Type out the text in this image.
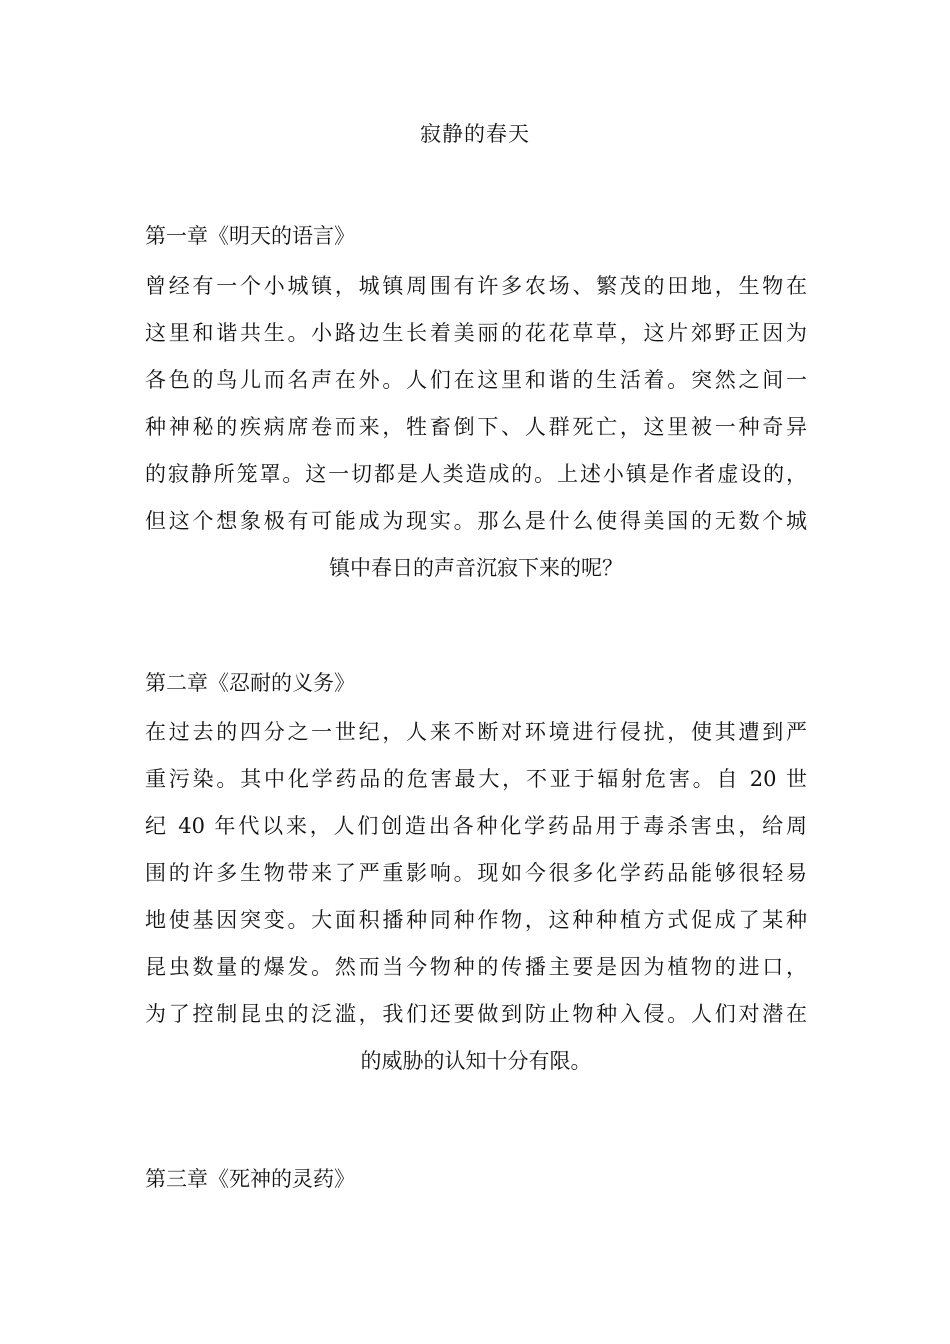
寂静的春天
第一章《明天的语言》
曾经有一个小城镇，城镇周围有许多农场、繁茂的田地，生物在
这里和谐共生。小路边生长着美丽的花花草草，这片郊野正因为
各色的鸟儿而名声在外。人们在这里和谐的生活着。突然之间一
种神秘的疾病席卷而来，牲畜倒下、人群死亡，这里被一种奇异
的寂静所笼罩。这一切都是人类造成的。上述小镇是作者虚设的，
但这个想象极有可能成为现实。那么是什么使得美国的无数个城
镇中春日的声音沉寂下来的呢？
第二章《忍耐的义务》
在过去的四分之一世纪，人来不断对环境进行侵扰，使其遭到严
重污染。其中化学药品的危害最大，不亚于辐射危害。自 20 世
纪 40 年代以来，人们创造出各种化学药品用于毒杀害虫，给周
围的许多生物带来了严重影响。现如今很多化学药品能够很轻易
地使基因突变。大面积播种同种作物，这种种植方式促成了某种
昆虫数量的爆发。然而当今物种的传播主要是因为植物的进口，
为了控制昆虫的泛滥，我们还要做到防止物种入侵。人们对潜在
的威胁的认知十分有限。
第三章《死神的灵药》
